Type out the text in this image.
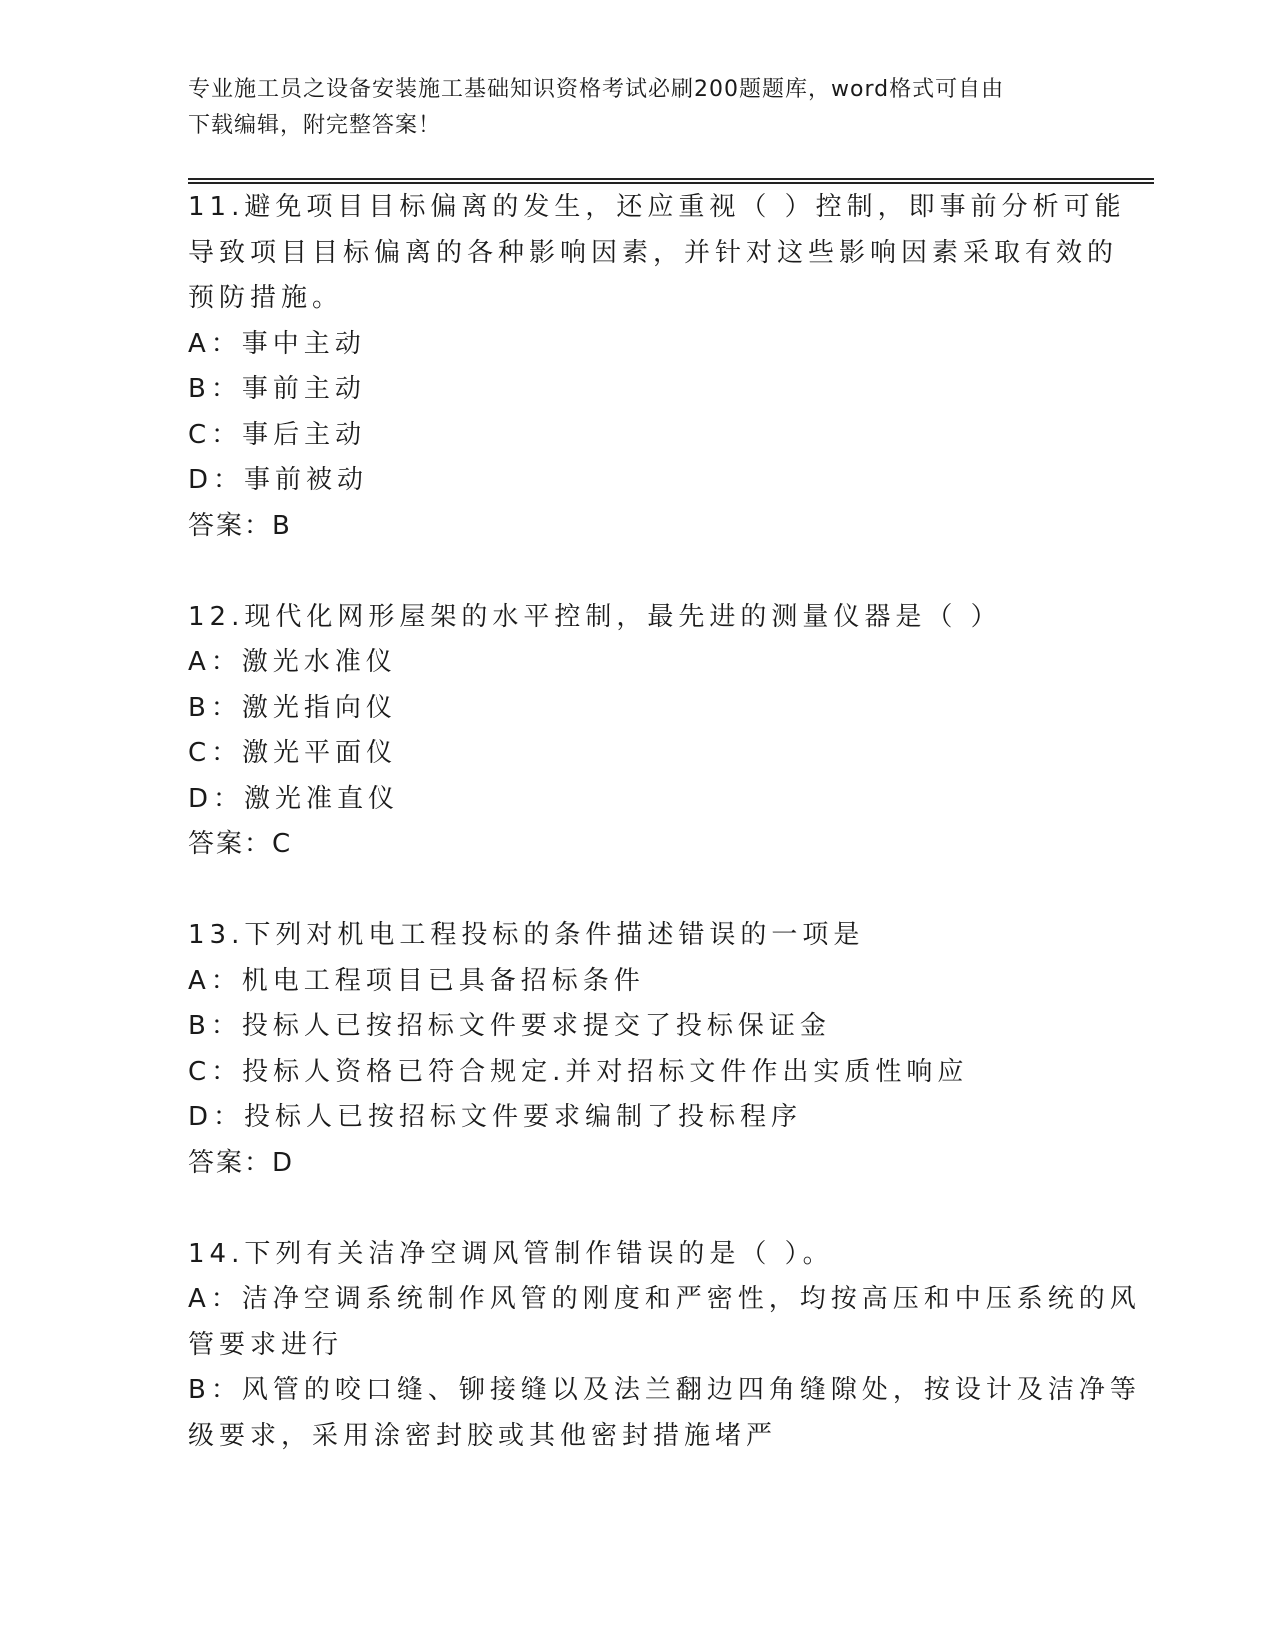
专业施工员之设备安装施工基础知识资格考试必刷200题题库，word格式可自由
下载编辑，附完整答案！
11.避免项目目标偏离的发生，还应重视（ ）控制，即事前分析可能
导致项目目标偏离的各种影响因素，并针对这些影响因素采取有效的
预防措施。
A：事中主动
B：事前主动
C：事后主动
D：事前被动
答案：B
12.现代化网形屋架的水平控制，最先进的测量仪器是（ ）
A：激光水准仪
B：激光指向仪
C：激光平面仪
D：激光准直仪
答案：C
13.下列对机电工程投标的条件描述错误的一项是
A：机电工程项目已具备招标条件
B：投标人已按招标文件要求提交了投标保证金
C：投标人资格已符合规定.并对招标文件作出实质性响应
D：投标人已按招标文件要求编制了投标程序
答案：D
14.下列有关洁净空调风管制作错误的是（ ）。
A：洁净空调系统制作风管的刚度和严密性，均按高压和中压系统的风
管要求进行
B：风管的咬口缝、铆接缝以及法兰翻边四角缝隙处，按设计及洁净等
级要求，采用涂密封胶或其他密封措施堵严
